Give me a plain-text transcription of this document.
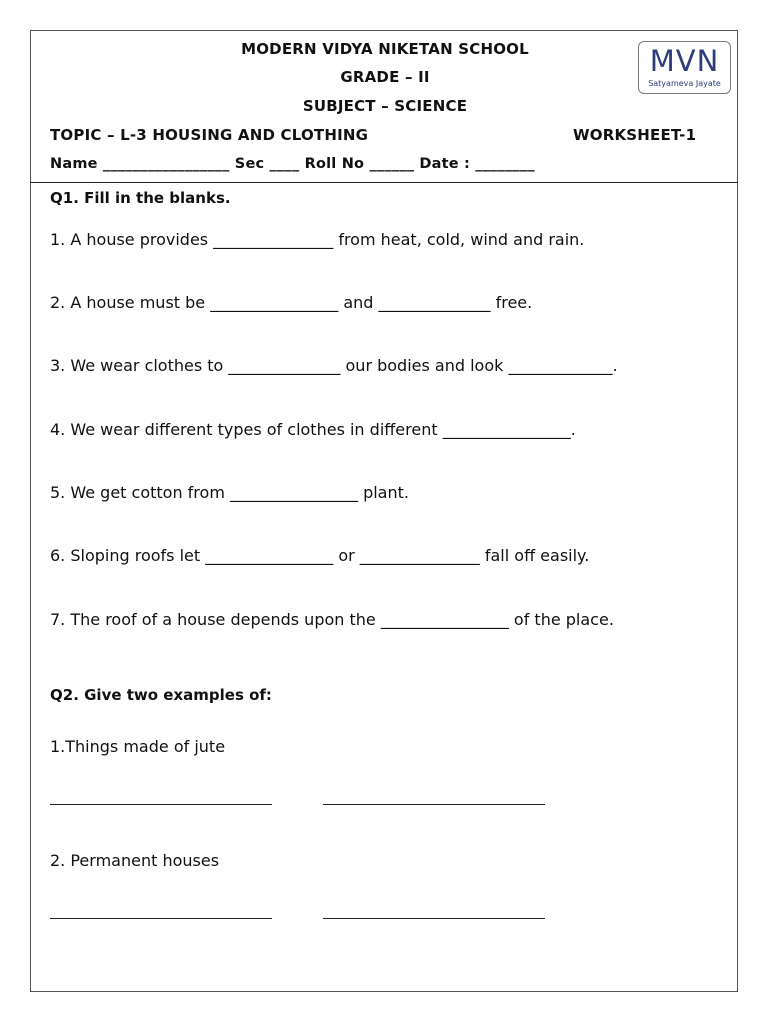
MODERN VIDYA NIKETAN SCHOOL
GRADE – II
SUBJECT – SCIENCE
MVN
Satyameva Jayate
TOPIC – L-3 HOUSING AND CLOTHING	WORKSHEET-1
Name _________________ Sec ____ Roll No ______ Date : ________
Q1. Fill in the blanks.
1. A house provides _______________ from heat, cold, wind and rain.
2. A house must be ________________ and ______________ free.
3. We wear clothes to ______________ our bodies and look _____________.
4. We wear different types of clothes in different ________________.
5. We get cotton from ________________ plant.
6. Sloping roofs let ________________ or _______________ fall off easily.
7. The roof of a house depends upon the ________________ of the place.
Q2. Give two examples of:
1.Things made of jute
2. Permanent houses
